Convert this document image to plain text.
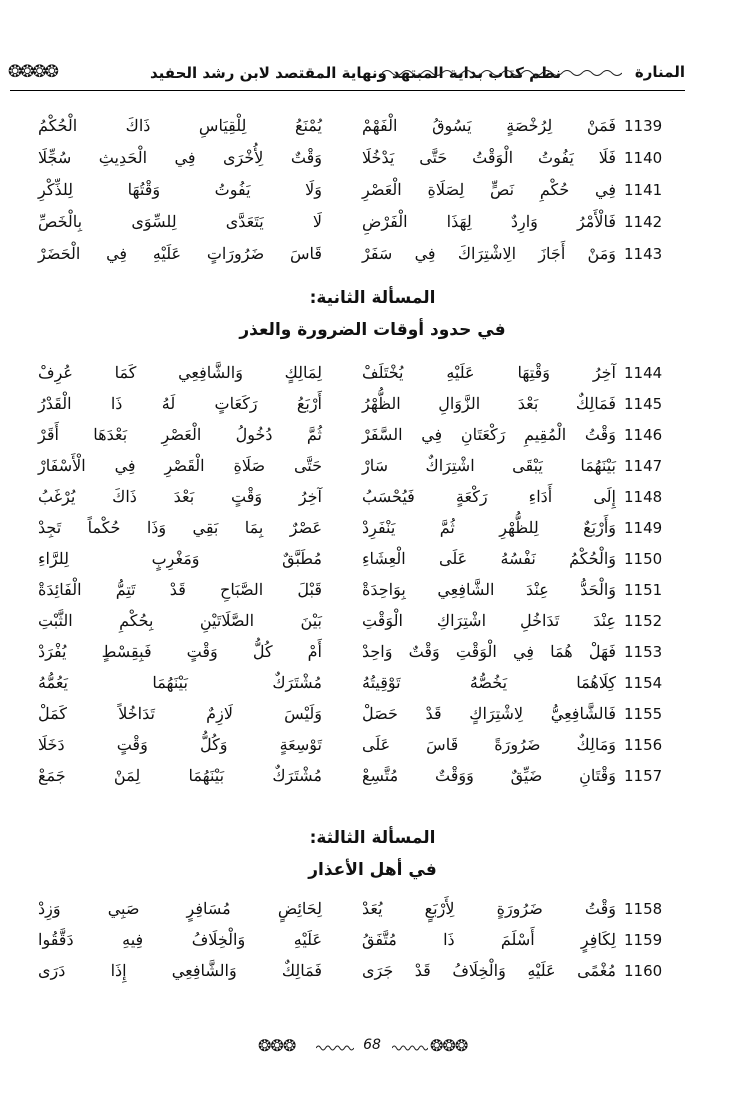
❂❂❂❂	نظم كتاب بداية المبتهد ونهاية المقتصد لابن رشد الحفيد	المنارة
1139
فَمَنْ لِرُخْصَةٍ يَسُوقُ الْفَهْمْ
يُمْنَعُ لِلْقِيَاسِ ذَاكَ الْحُكْمُ
1140
فَلَا يَفُوتُ الْوَقْتُ حَتَّى يَدْخُلَا
وَقْتٌ لِأُخْرَى فِي الْحَدِيثِ سُجِّلَا
1141
فِي حُكْمِ نَصٍّ لِصَلَاةِ الْعَصْرِ
وَلَا يَفُوتُ وَقْتُهَا لِلذِّكْرِ
1142
فَالْأَمْرُ وَارِدٌ لِهَذَا الْفَرْضِ
لَا يَتَعَدَّى لِلسِّوَى بِالْخَصِّ
1143
وَمَنْ أَجَازَ الِاشْتِرَاكَ فِي سَفَرْ
قَاسَ ضَرُورَاتٍ عَلَيْهِ فِي الْحَضَرْ
المسألة الثانية:
في حدود أوقات الضرورة والعذر
1144
آخِرُ وَقْتِهَا عَلَيْهِ يُخْتَلَفْ
لِمَالِكٍ وَالشَّافِعِي كَمَا عُرِفْ
1145
فَمَالِكٌ بَعْدَ الزَّوَالِ الظُّهْرُ
أَرْبَعُ رَكَعَاتٍ لَهُ ذَا الْقَدْرُ
1146
وَقْتُ الْمُقِيمِ رَكْعَتَانِ فِي السَّفَرْ
ثُمَّ دُخُولُ الْعَصْرِ بَعْدَهَا أَقَرْ
1147
بَيْنَهُمَا يَبْقَى اشْتِرَاكٌ سَارْ
حَتَّى صَلَاةِ الْقَصْرِ فِي الْأَسْفَارْ
1148
إِلَى أَدَاءِ رَكْعَةٍ فَيُحْسَبُ
آخِرُ وَقْتٍ بَعْدَ ذَاكَ يُرْغَبُ
1149
وَأَرْبَعٌ لِلظُّهْرِ ثُمَّ يَنْفَرِدْ
عَصْرٌ بِمَا بَقِي وَذَا حُكْماً تَجِدْ
1150
وَالْحُكْمُ نَفْسُهُ عَلَى الْعِشَاءِ
مُطَبَّقٌ وَمَغْرِبٍ لِلرَّاءِ
1151
وَالْحَدُّ عِنْدَ الشَّافِعِي بِوَاحِدَةْ
قَبْلَ الصَّبَاحِ قَدْ تَتِمُّ الْفَائِدَةْ
1152
عِنْدَ تَدَاخُلِ اشْتِرَاكِ الْوَقْتِ
بَيْنَ الصَّلَاتَيْنِ بِحُكْمِ الثَّبْتِ
1153
فَهَلْ هُمَا فِي الْوَقْتِ وَقْتٌ وَاحِدْ
أَمْ كُلُّ وَقْتٍ فَبِقِسْطٍ يُفْرَدْ
1154
كِلَاهُمَا يَخُصُّهُ تَوْقِيتُهُ
مُشْتَرَكٌ بَيْنَهُمَا يَعُمُّهُ
1155
فَالشَّافِعِيُّ لِاشْتِرَاكٍ قَدْ حَصَلْ
وَلَيْسَ لَازِمٌ تَدَاخُلاً كَمَلْ
1156
وَمَالِكٌ ضَرُورَةً قَاسَ عَلَى
تَوْسِعَةٍ وَكُلُّ وَقْتٍ دَخَلَا
1157
وَقْتَانِ ضَيِّقٌ وَوَقْتٌ مُتَّسِعْ
مُشْتَرَكٌ بَيْنَهُمَا لِمَنْ جَمَعْ
المسألة الثالثة:
في أهل الأعذار
1158
وَقْتُ ضَرُورَةٍ لِأَرْبَعٍ يُعَدْ
لِحَائِضٍ مُسَافِرٍ صَبِي وَزِدْ
1159
لِكَافِرٍ أَسْلَمَ ذَا مُتَّفَقُ
عَلَيْهِ وَالْخِلَافُ فِيهِ دَقَّقُوا
1160
مُغْمًى عَلَيْهِ وَالْخِلَافُ قَدْ جَرَى
فَمَالِكٌ وَالشَّافِعِي إِذَا دَرَى
❂❂❂	68	❂❂❂
